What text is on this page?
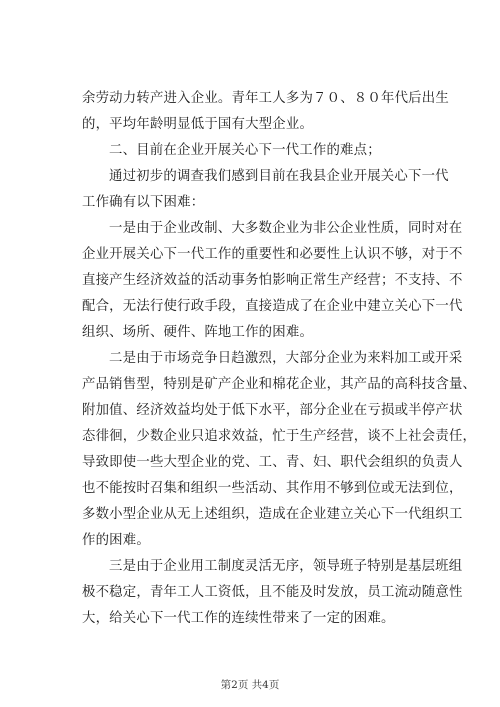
余劳动力转产进入企业。青年工人多为７０、８０年代后出生
的，平均年龄明显低于国有大型企业。
二、目前在企业开展关心下一代工作的难点；
通过初步的调查我们感到目前在我县企业开展关心下一代
工作确有以下困难：
一是由于企业改制、大多数企业为非公企业性质，同时对在
企业开展关心下一代工作的重要性和必要性上认识不够，对于不
直接产生经济效益的活动事务怕影响正常生产经营；不支持、不
配合，无法行使行政手段，直接造成了在企业中建立关心下一代
组织、场所、硬件、阵地工作的困难。
二是由于市场竞争日趋激烈，大部分企业为来料加工或开采
产品销售型，特别是矿产企业和棉花企业，其产品的高科技含量、
附加值、经济效益均处于低下水平，部分企业在亏损或半停产状
态徘徊，少数企业只追求效益，忙于生产经营，谈不上社会责任，
导致即使一些大型企业的党、工、青、妇、职代会组织的负责人
也不能按时召集和组织一些活动、其作用不够到位或无法到位，
多数小型企业从无上述组织，造成在企业建立关心下一代组织工
作的困难。
三是由于企业用工制度灵活无序，领导班子特别是基层班组
极不稳定，青年工人工资低，且不能及时发放，员工流动随意性
大，给关心下一代工作的连续性带来了一定的困难。
第2页 共4页
